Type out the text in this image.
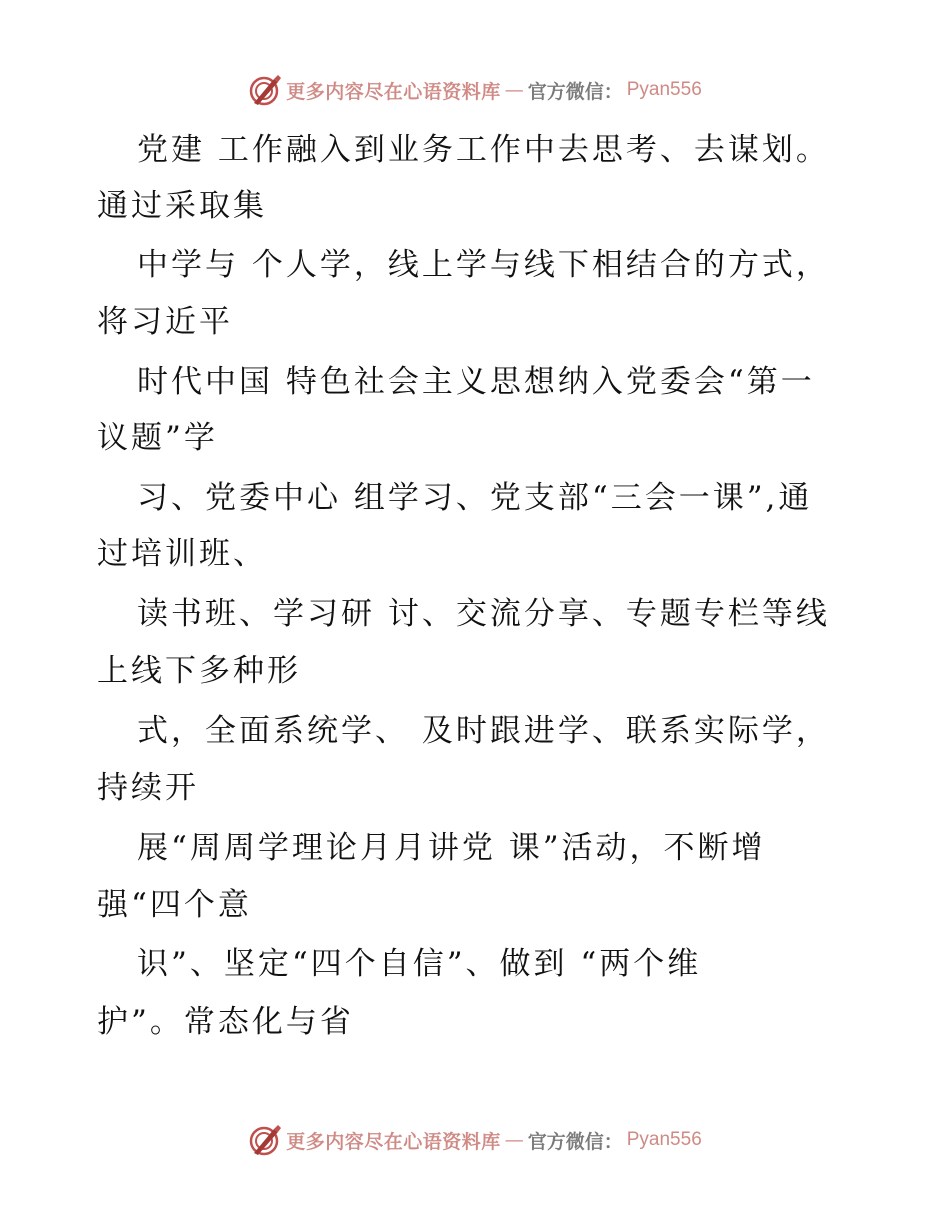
更多内容尽在心语资料库 — 官方微信： Pyan556
党建 工作融入到业务工作中去思考、去谋划。
通过采取集
中学与 个人学，线上学与线下相结合的方式，
将习近平
时代中国 特色社会主义思想纳入党委会“第一
议题”学
习、党委中心 组学习、党支部“三会一课”,通
过培训班、
读书班、学习研 讨、交流分享、专题专栏等线
上线下多种形
式，全面系统学、 及时跟进学、联系实际学，
持续开
展“周周学理论月月讲党 课”活动，不断增
强“四个意
识”、坚定“四个自信”、做到 “两个维
护”。常态化与省
更多内容尽在心语资料库 — 官方微信： Pyan556
